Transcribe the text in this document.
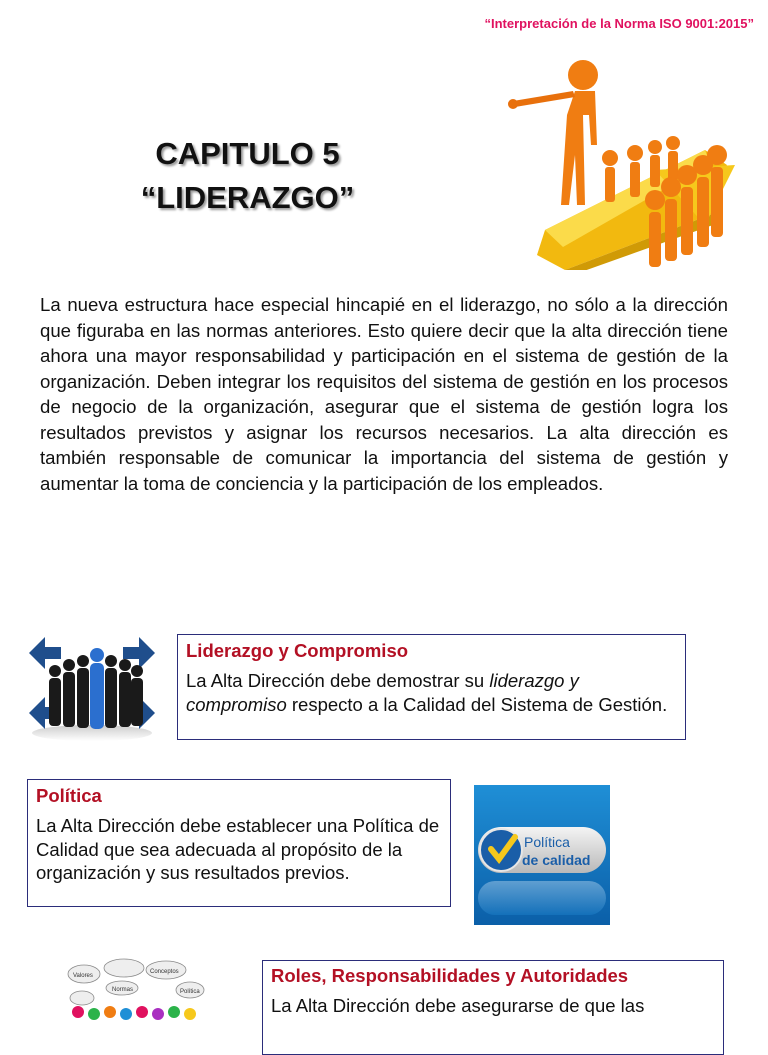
“Interpretación de la Norma ISO 9001:2015”
CAPITULO 5
“LIDERAZGO”
La nueva estructura hace especial hincapié en el liderazgo, no sólo a la dirección que figuraba en las normas anteriores. Esto quiere decir que la alta dirección tiene ahora una mayor responsabilidad y participación en el sistema de gestión de la organización. Deben integrar los requisitos del sistema de gestión en los procesos de negocio de la organización, asegurar que el sistema de gestión logra los resultados previstos y asignar los recursos necesarios. La alta dirección es también responsable de comunicar la importancia del sistema de gestión y aumentar la toma de conciencia y la participación de los empleados.
Liderazgo y Compromiso
La Alta Dirección debe demostrar su liderazgo y compromiso respecto a la Calidad del Sistema de Gestión.
Política
La Alta Dirección debe establecer una Política de Calidad que sea adecuada al propósito de la organización y sus resultados previos.
Política
de calidad
Valores
Normas
Conceptos
Política
Roles, Responsabilidades y Autoridades
La Alta Dirección debe asegurarse de que las
